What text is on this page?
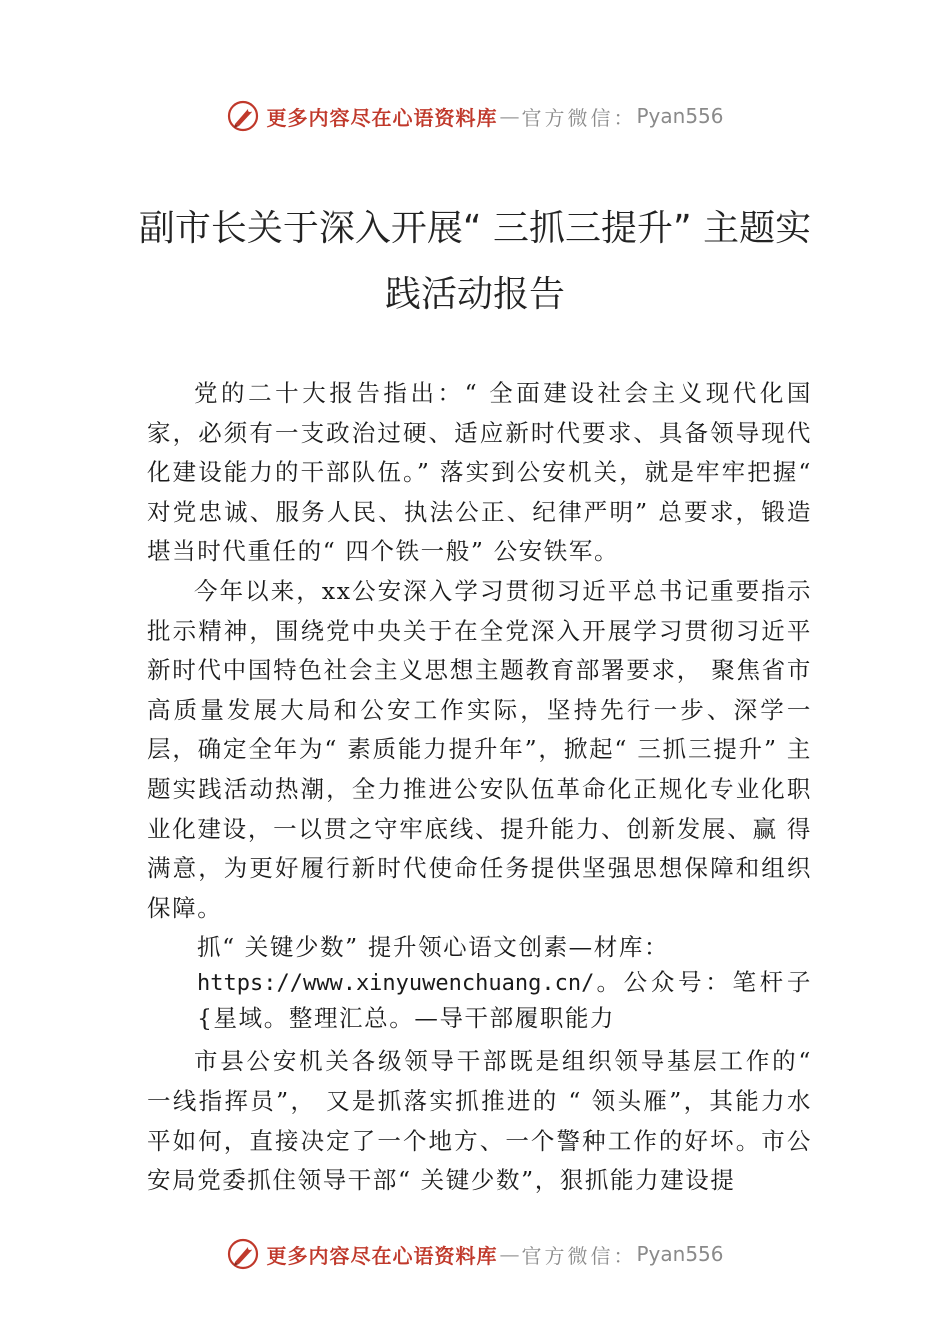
更多内容尽在心语资料库 — 官方微信： Pyan556
副市长关于深入开展“ 三抓三提升” 主题实践活动报告

党的二十大报告指出：“ 全面建设社会主义现代化国家，必须有一支政治过硬、适应新时代要求、具备领导现代化建设能力的干部队伍。” 落实到公安机关，就是牢牢把握“ 对党忠诚、服务人民、执法公正、纪律严明” 总要求，锻造堪当时代重任的“ 四个铁一般” 公安铁军。

今年以来，xx公安深入学习贯彻习近平总书记重要指示批示精神，围绕党中央关于在全党深入开展学习贯彻习近平新时代中国特色社会主义思想主题教育部署要求， 聚焦省市高质量发展大局和公安工作实际，坚持先行一步、深学一层，确定全年为“ 素质能力提升年”，掀起“ 三抓三提升” 主题实践活动热潮，全力推进公安队伍革命化正规化专业化职业化建设，一以贯之守牢底线、提升能力、创新发展、赢 得满意，为更好履行新时代使命任务提供坚强思想保障和组织保障。

抓“ 关键少数” 提升领心语文创素—材库：
https://www.xinyuwenchuang.cn/。公众号：笔杆子{星域。整理汇总。—导干部履职能力

市县公安机关各级领导干部既是组织领导基层工作的“ 一线指挥员”， 又是抓落实抓推进的 “ 领头雁”，其能力水平如何，直接决定了一个地方、一个警种工作的好坏。市公安局党委抓住领导干部“ 关键少数”，狠抓能力建设提

更多内容尽在心语资料库 — 官方微信： Pyan556
